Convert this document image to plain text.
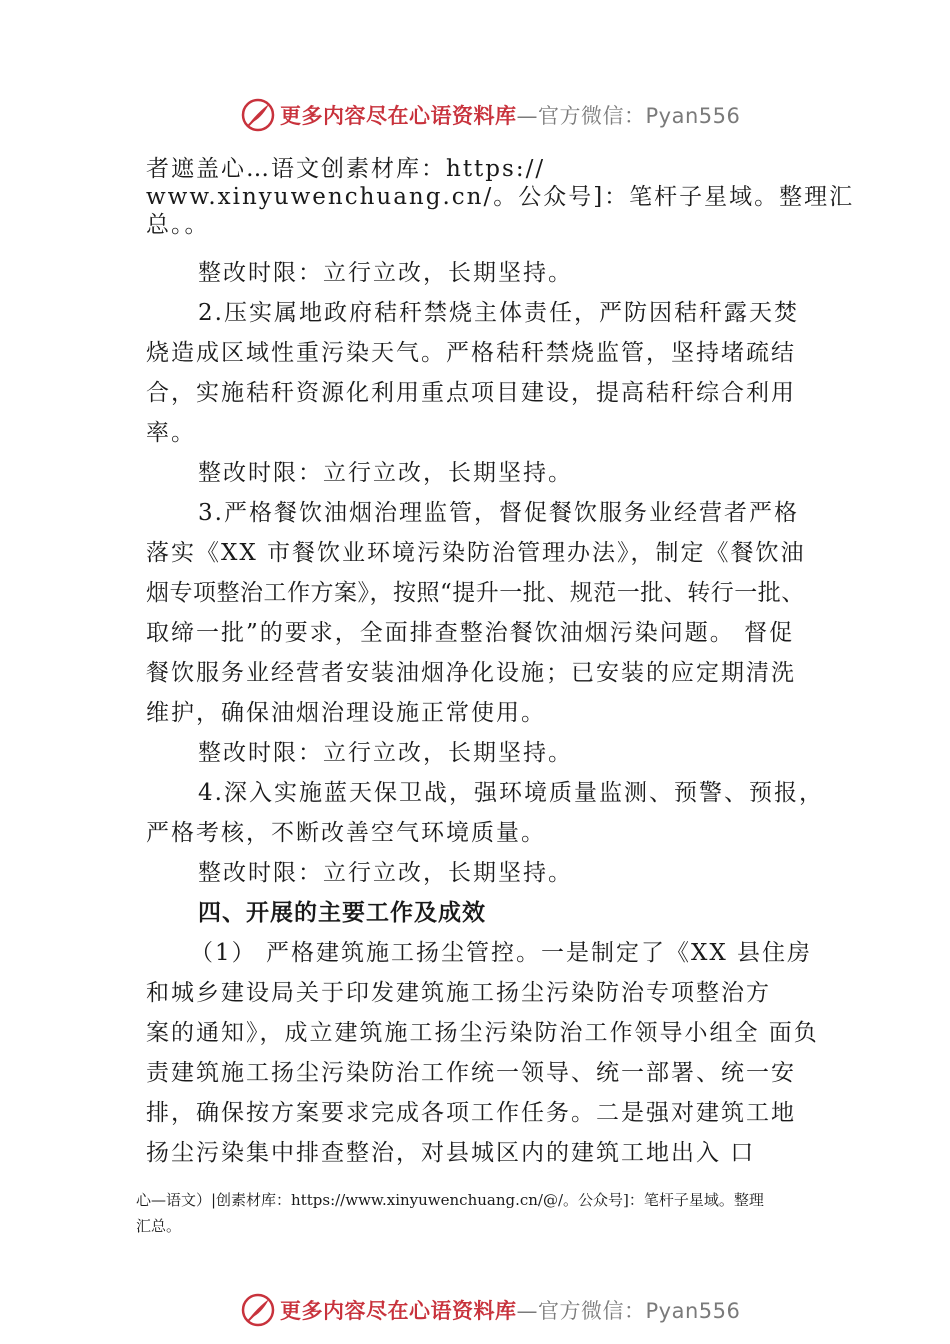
更多内容尽在心语资料库—官方微信：Pyan556
者遮盖心…语文创素材库：https://
www.xinyuwenchuang.cn/。公众号]：笔杆子星域。整理汇
总。。
整改时限：立行立改，长期坚持。
2.压实属地政府秸秆禁烧主体责任，严防因秸秆露天焚
烧造成区域性重污染天气。严格秸秆禁烧监管，坚持堵疏结
合，实施秸秆资源化利用重点项目建设，提高秸秆综合利用
率。
整改时限：立行立改，长期坚持。
3.严格餐饮油烟治理监管，督促餐饮服务业经营者严格
落实《XX 市餐饮业环境污染防治管理办法》，制定《餐饮油
烟专项整治工作方案》，按照“提升一批、规范一批、转行一批、
取缔一批”的要求，全面排查整治餐饮油烟污染问题。 督促
餐饮服务业经营者安装油烟净化设施；已安装的应定期清洗
维护，确保油烟治理设施正常使用。
整改时限：立行立改，长期坚持。
4.深入实施蓝天保卫战，强环境质量监测、预警、预报，
严格考核，不断改善空气环境质量。
整改时限：立行立改，长期坚持。
四、开展的主要工作及成效
（1） 严格建筑施工扬尘管控。一是制定了《XX 县住房
和城乡建设局关于印发建筑施工扬尘污染防治专项整治方
案的通知》，成立建筑施工扬尘污染防治工作领导小组全 面负
责建筑施工扬尘污染防治工作统一领导、统一部署、统一安
排，确保按方案要求完成各项工作任务。二是强对建筑工地
扬尘污染集中排查整治，对县城区内的建筑工地出入 口
心—语文）|创素材库：https://www.xinyuwenchuang.cn/@/。公众号]：笔杆子星域。整理
汇总。
更多内容尽在心语资料库—官方微信：Pyan556
